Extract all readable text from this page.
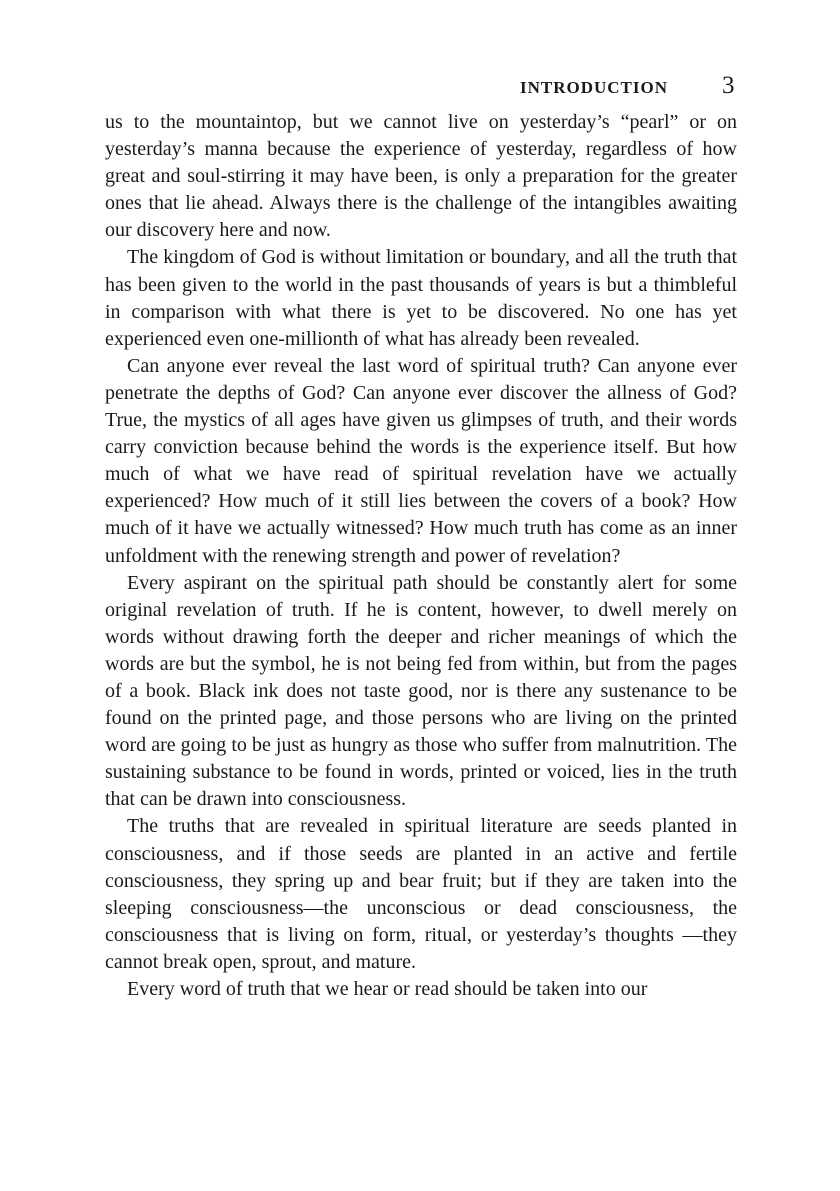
INTRODUCTION 3

us to the mountaintop, but we cannot live on yesterday’s “pearl” or on yesterday’s manna because the experience of yesterday, regardless of how great and soul-stirring it may have been, is only a preparation for the greater ones that lie ahead. Always there is the challenge of the intangibles awaiting our discovery here and now.

The kingdom of God is without limitation or boundary, and all the truth that has been given to the world in the past thousands of years is but a thimbleful in comparison with what there is yet to be discovered. No one has yet experienced even one-millionth of what has already been revealed.

Can anyone ever reveal the last word of spiritual truth? Can anyone ever penetrate the depths of God? Can anyone ever discover the allness of God? True, the mystics of all ages have given us glimpses of truth, and their words carry conviction because behind the words is the experience itself. But how much of what we have read of spiritual revelation have we actually experienced? How much of it still lies between the covers of a book? How much of it have we actually witnessed? How much truth has come as an inner unfoldment with the renewing strength and power of revelation?

Every aspirant on the spiritual path should be constantly alert for some original revelation of truth. If he is content, however, to dwell merely on words without drawing forth the deeper and richer meanings of which the words are but the symbol, he is not being fed from within, but from the pages of a book. Black ink does not taste good, nor is there any sustenance to be found on the printed page, and those persons who are living on the printed word are going to be just as hungry as those who suffer from malnutrition. The sustaining substance to be found in words, printed or voiced, lies in the truth that can be drawn into consciousness.

The truths that are revealed in spiritual literature are seeds planted in consciousness, and if those seeds are planted in an active and fertile consciousness, they spring up and bear fruit; but if they are taken into the sleeping consciousness—the unconscious or dead consciousness, the consciousness that is living on form, ritual, or yesterday’s thoughts —they cannot break open, sprout, and mature.

Every word of truth that we hear or read should be taken into our
